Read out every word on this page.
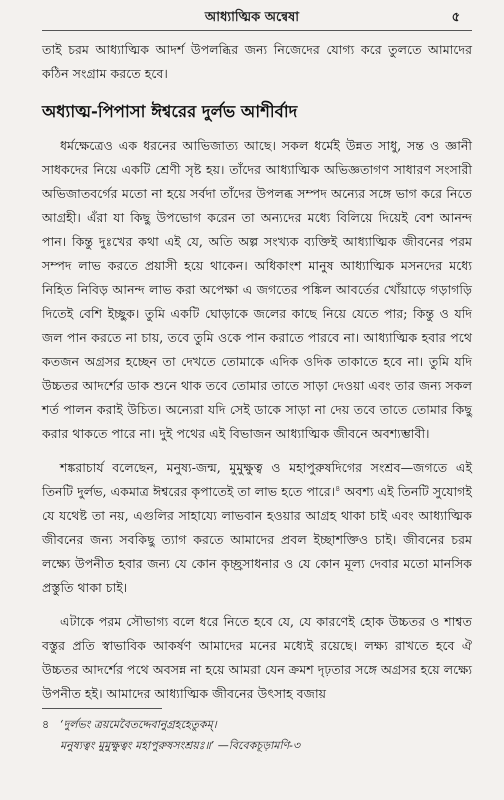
আধ্যাত্মিক অন্বেষা	৫

তাই চরম আধ্যাত্মিক আদর্শ উপলব্ধির জন্য নিজেদের যোগ্য করে তুলতে আমাদের কঠিন সংগ্রাম করতে হবে।

অধ্যাত্ম-পিপাসা ঈশ্বরের দুর্লভ আশীর্বাদ

ধর্মক্ষেত্রেও এক ধরনের আভিজাত্য আছে। সকল ধর্মেই উন্নত সাধু, সন্ত ও জ্ঞানী সাধকদের নিয়ে একটি শ্রেণী সৃষ্ট হয়। তাঁদের আধ্যাত্মিক অভিজ্ঞতাগণ সাধারণ সংসারী অভিজাতবর্গের মতো না হয়ে সর্বদা তাঁদের উপলব্ধ সম্পদ অন্যের সঙ্গে ভাগ করে নিতে আগ্রহী। এঁরা যা কিছু উপভোগ করেন তা অন্যদের মধ্যে বিলিয়ে দিয়েই বেশ আনন্দ পান। কিন্তু দুঃখের কথা এই যে, অতি অল্প সংখ্যক ব্যক্তিই আধ্যাত্মিক জীবনের পরম সম্পদ লাভ করতে প্রয়াসী হয়ে থাকেন। অধিকাংশ মানুষ আধ্যাত্মিক মসনদের মধ্যে নিহিত নিবিড় আনন্দ লাভ করা অপেক্ষা এ জগতের পঙ্কিল আবর্তের খোঁয়াড়ে গড়াগড়ি দিতেই বেশি ইচ্ছুক। তুমি একটি ঘোড়াকে জলের কাছে নিয়ে যেতে পার; কিন্তু ও যদি জল পান করতে না চায়, তবে তুমি ওকে পান করাতে পারবে না। আধ্যাত্মিক হবার পথে কতজন অগ্রসর হচ্ছেন তা দেখতে তোমাকে এদিক ওদিক তাকাতে হবে না। তুমি যদি উচ্চতর আদর্শের ডাক শুনে থাক তবে তোমার তাতে সাড়া দেওয়া এবং তার জন্য সকল শর্ত পালন করাই উচিত। অন্যেরা যদি সেই ডাকে সাড়া না দেয় তবে তাতে তোমার কিছু করার থাকতে পারে না। দুই পথের এই বিভাজন আধ্যাত্মিক জীবনে অবশ্যম্ভাবী।

শঙ্করাচার্য বলেছেন, মনুষ্য-জন্ম, মুমুক্ষুত্ব ও মহাপুরুষদিগের সংশ্রব—জগতে এই তিনটি দুর্লভ, একমাত্র ঈশ্বরের কৃপাতেই তা লাভ হতে পারে।$^৪$ অবশ্য এই তিনটি সুযোগই যে যথেষ্ট তা নয়, এগুলির সাহায্যে লাভবান হওয়ার আগ্রহ থাকা চাই এবং আধ্যাত্মিক জীবনের জন্য সবকিছু ত্যাগ করতে আমাদের প্রবল ইচ্ছাশক্তিও চাই। জীবনের চরম লক্ষ্যে উপনীত হবার জন্য যে কোন কৃচ্ছ্রসাধনার ও যে কোন মূল্য দেবার মতো মানসিক প্রস্তুতি থাকা চাই।

এটাকে পরম সৌভাগ্য বলে ধরে নিতে হবে যে, যে কারণেই হোক উচ্চতর ও শাশ্বত বস্তুর প্রতি স্বাভাবিক আকর্ষণ আমাদের মনের মধ্যেই রয়েছে। লক্ষ্য রাখতে হবে ঐ উচ্চতর আদর্শের পথে অবসন্ন না হয়ে আমরা যেন ক্রমশ দৃঢ়তার সঙ্গে অগ্রসর হয়ে লক্ষ্যে উপনীত হই। আমাদের আধ্যাত্মিক জীবনের উৎসাহ বজায়

৪ ‘দুর্লভং ত্রয়মেবৈতদ্দেবানুগ্রহহেতুকম্।
মনুষ্যত্বং মুমুক্ষুত্বং মহাপুরুষসংশ্রয়ঃ॥’ —বিবেকচূড়ামণি-৩
